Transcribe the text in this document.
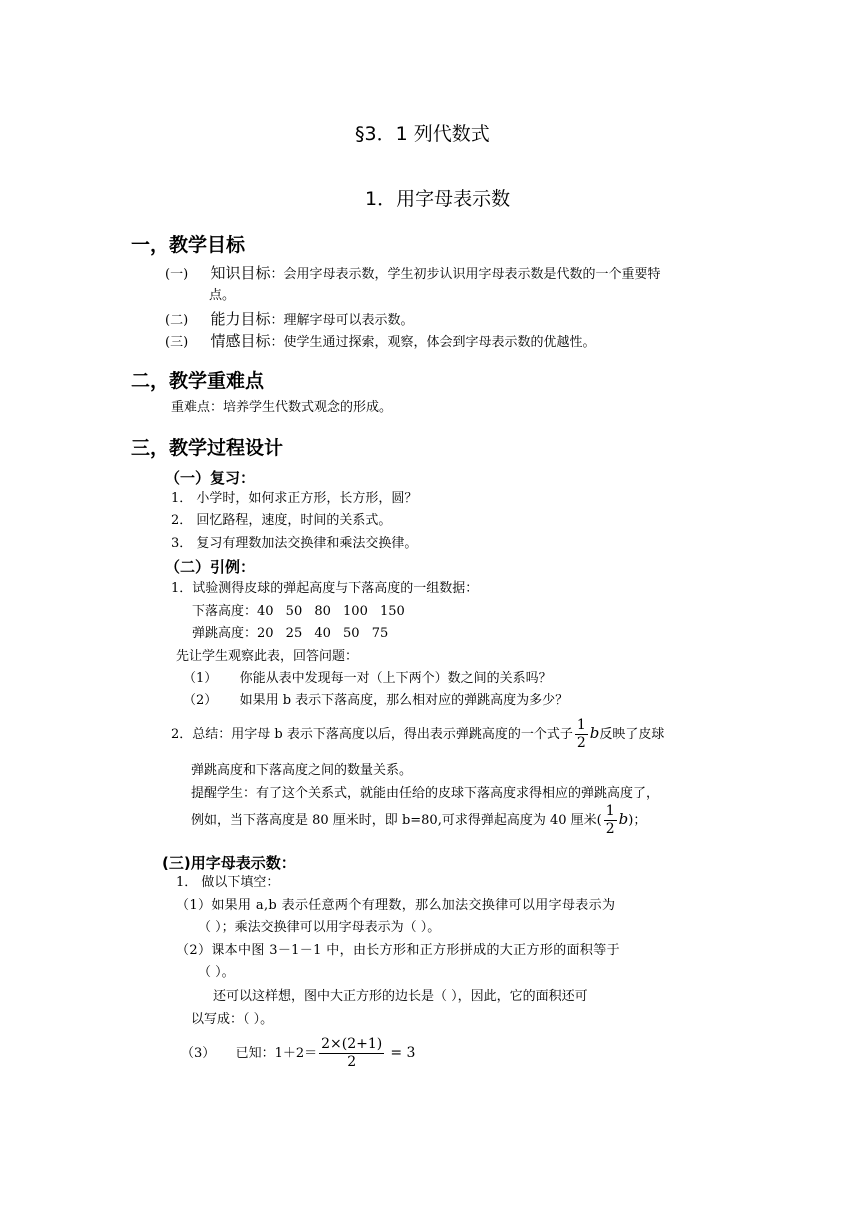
§3．1 列代数式
1．用字母表示数
一，教学目标
(一) 知识目标：会用字母表示数，学生初步认识用字母表示数是代数的一个重要特
点。
(二) 能力目标：理解字母可以表示数。
(三) 情感目标：使学生通过探索，观察，体会到字母表示数的优越性。
二，教学重难点
重难点：培养学生代数式观念的形成。
三，教学过程设计
（一）复习：
1． 小学时，如何求正方形，长方形，圆？
2． 回忆路程，速度，时间的关系式。
3． 复习有理数加法交换律和乘法交换律。
（二）引例：
1．试验测得皮球的弹起高度与下落高度的一组数据：
下落高度：40 50 80 100 150
弹跳高度：20 25 40 50 75
先让学生观察此表，回答问题：
（1） 你能从表中发现每一对（上下两个）数之间的关系吗？
（2） 如果用 b 表示下落高度，那么相对应的弹跳高度为多少？
2．总结：用字母 b 表示下落高度以后，得出表示弹跳高度的一个式子 $\frac{1}{2}$ b反映了皮球
弹跳高度和下落高度之间的数量关系。
提醒学生：有了这个关系式，就能由任给的皮球下落高度求得相应的弹跳高度了，
例如，当下落高度是 80 厘米时，即 b=80,可求得弹起高度为 40 厘米( $\frac{1}{2} b$)；
(三)用字母表示数：
1． 做以下填空：
（1）如果用 a,b 表示任意两个有理数，那么加法交换律可以用字母表示为
（ ）；乘法交换律可以用字母表示为（ ）。
（2）课本中图 3－1－1 中，由长方形和正方形拼成的大正方形的面积等于
（ ）。
还可以这样想，图中大正方形的边长是（ ），因此，它的面积还可
以写成：（ ）。
（3） 已知：$1+2= \frac{2\times(2+1)}{2} = 3$
